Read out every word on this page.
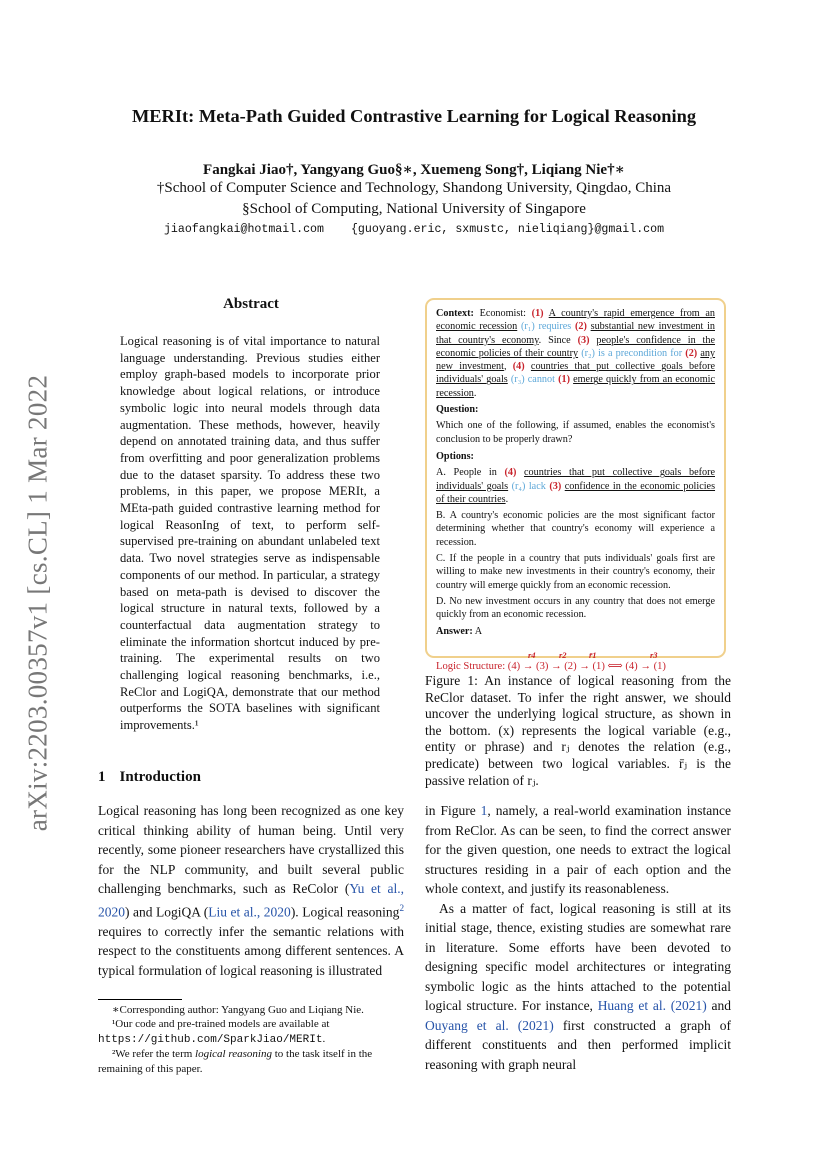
MERIt: Meta-Path Guided Contrastive Learning for Logical Reasoning
Fangkai Jiao†, Yangyang Guo§∗, Xuemeng Song†, Liqiang Nie†∗
†School of Computer Science and Technology, Shandong University, Qingdao, China
§School of Computing, National University of Singapore
jiaofangkai@hotmail.com {guoyang.eric, sxmustc, nieliqiang}@gmail.com
arXiv:2203.00357v1 [cs.CL] 1 Mar 2022
Abstract

Logical reasoning is of vital importance to natural language understanding. Previous studies either employ graph-based models to incorporate prior knowledge about logical relations, or introduce symbolic logic into neural models through data augmentation. These methods, however, heavily depend on annotated training data, and thus suffer from overfitting and poor generalization problems due to the dataset sparsity. To address these two problems, in this paper, we propose MERIt, a MEta-path guided contrastive learning method for logical ReasonIng of text, to perform self-supervised pre-training on abundant unlabeled text data. Two novel strategies serve as indispensable components of our method. In particular, a strategy based on meta-path is devised to discover the logical structure in natural texts, followed by a counterfactual data augmentation strategy to eliminate the information shortcut induced by pre-training. The experimental results on two challenging logical reasoning benchmarks, i.e., ReClor and LogiQA, demonstrate that our method outperforms the SOTA baselines with significant improvements.¹

1 Introduction

Logical reasoning has long been recognized as one key critical thinking ability of human being. Until very recently, some pioneer researchers have crystallized this for the NLP community, and built several public challenging benchmarks, such as ReColor (Yu et al., 2020) and LogiQA (Liu et al., 2020). Logical reasoning$^2$ requires to correctly infer the semantic relations with respect to the constituents among different sentences. A typical formulation of logical reasoning is illustrated

∗Corresponding author: Yangyang Guo and Liqiang Nie.

¹Our code and pre-trained models are available at https://github.com/SparkJiao/MERIt.

²We refer the term logical reasoning to the task itself in the remaining of this paper.

Context: Economist: (1) A country's rapid emergence from an economic recession (r₁) requires (2) substantial new investment in that country's economy. Since (3) people's confidence in the economic policies of their country (r₂) is a precondition for (2) any new investment, (4) countries that put collective goals before individuals' goals (r₃) cannot (1) emerge quickly from an economic recession.

Question:

Which one of the following, if assumed, enables the economist's conclusion to be properly drawn?

Options:

A. People in (4) countries that put collective goals before individuals' goals (r₄) lack (3) confidence in the economic policies of their countries.

B. A country's economic policies are the most significant factor determining whether that country's economy will experience a recession.

C. If the people in a country that puts individuals' goals first are willing to make new investments in their country's economy, their country will emerge quickly from an economic recession.

D. No new investment occurs in any country that does not emerge quickly from an economic recession.

Answer: A

Logic Structure: (4) → (3) → (2) → (1) ⟺ (4) → (1)
r4	r2	r̄1	r3

Figure 1: An instance of logical reasoning from the ReClor dataset. To infer the right answer, we should uncover the underlying logical structure, as shown in the bottom. (x) represents the logical variable (e.g., entity or phrase) and rⱼ denotes the relation (e.g., predicate) between two logical variables. r̄ⱼ is the passive relation of rⱼ.

in Figure 1, namely, a real-world examination instance from ReClor. As can be seen, to find the correct answer for the given question, one needs to extract the logical structures residing in a pair of each option and the whole context, and justify its reasonableness.

As a matter of fact, logical reasoning is still at its initial stage, thence, existing studies are somewhat rare in literature. Some efforts have been devoted to designing specific model architectures or integrating symbolic logic as the hints attached to the potential logical structure. For instance, Huang et al. (2021) and Ouyang et al. (2021) first constructed a graph of different constituents and then performed implicit reasoning with graph neural
